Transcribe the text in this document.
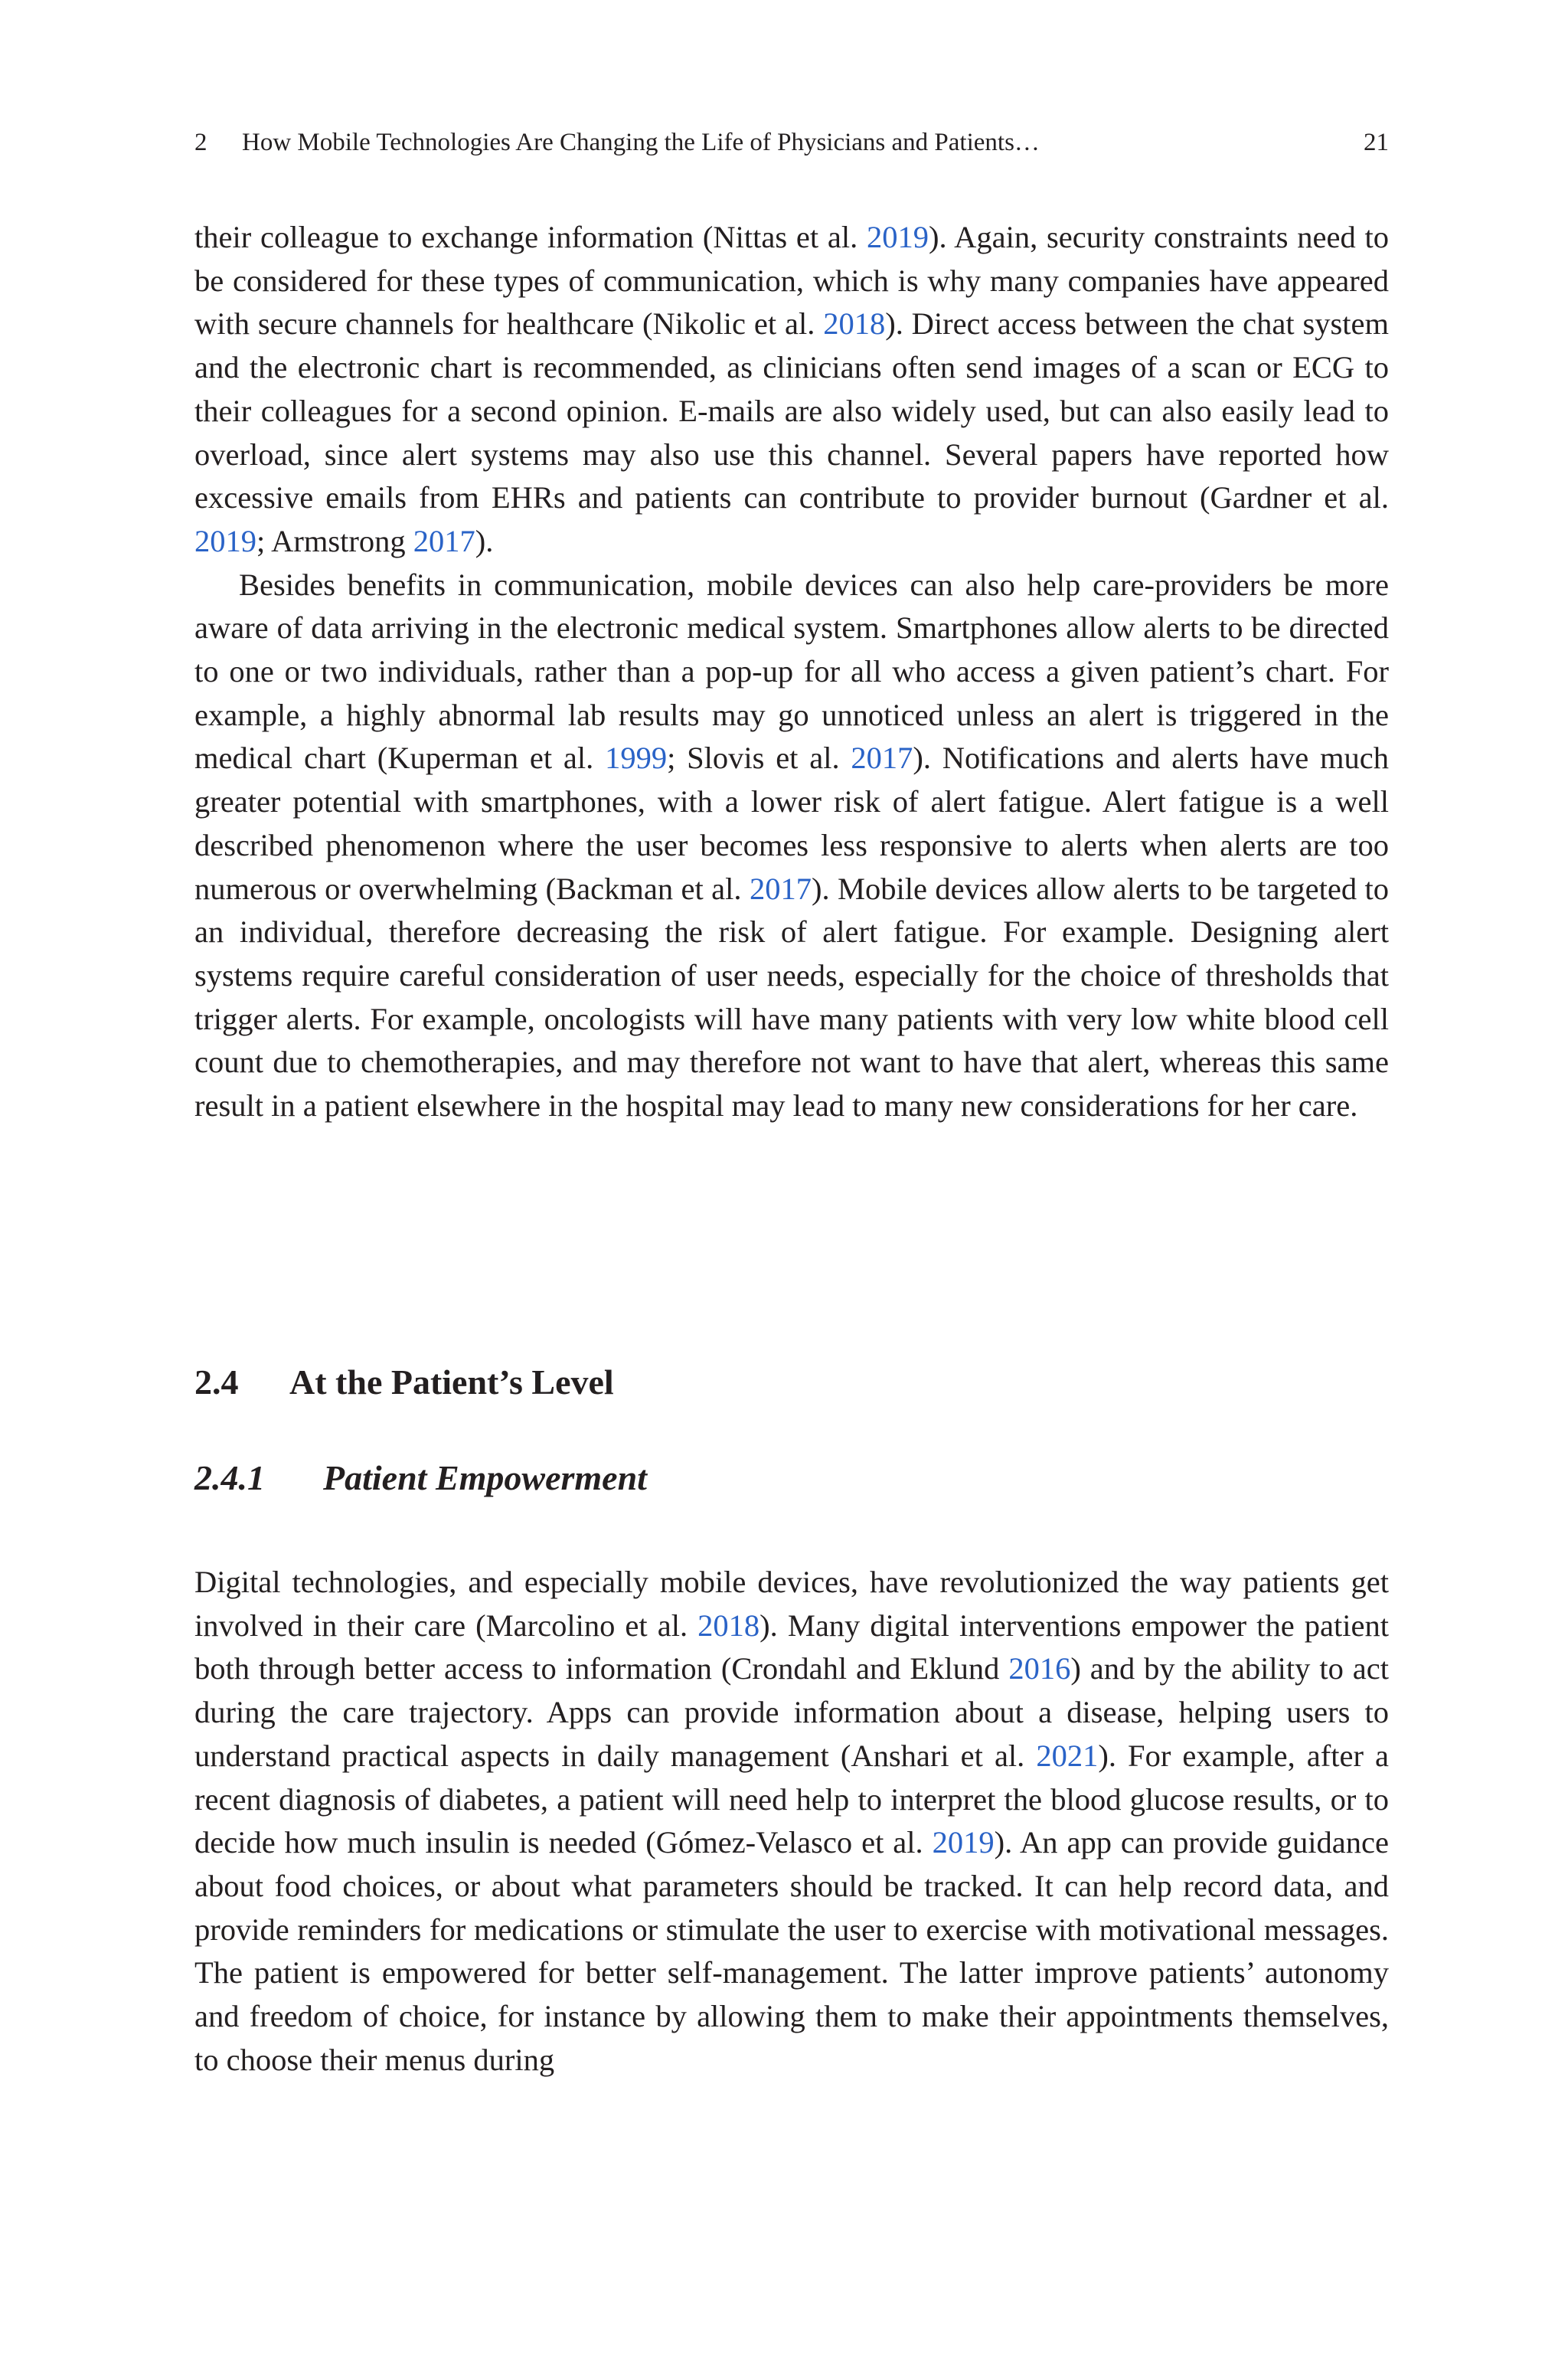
2 How Mobile Technologies Are Changing the Life of Physicians and Patients…	21

their colleague to exchange information (Nittas et al. 2019). Again, security constraints need to be considered for these types of communication, which is why many companies have appeared with secure channels for healthcare (Nikolic et al. 2018). Direct access between the chat system and the electronic chart is recommended, as clinicians often send images of a scan or ECG to their colleagues for a second opinion. E-mails are also widely used, but can also easily lead to overload, since alert systems may also use this channel. Several papers have reported how excessive emails from EHRs and patients can contribute to provider burnout (Gardner et al. 2019; Armstrong 2017).

Besides benefits in communication, mobile devices can also help care-providers be more aware of data arriving in the electronic medical system. Smartphones allow alerts to be directed to one or two individuals, rather than a pop-up for all who access a given patient’s chart. For example, a highly abnormal lab results may go unnoticed unless an alert is triggered in the medical chart (Kuperman et al. 1999; Slovis et al. 2017). Notifications and alerts have much greater potential with smartphones, with a lower risk of alert fatigue. Alert fatigue is a well described phenomenon where the user becomes less responsive to alerts when alerts are too numerous or overwhelming (Backman et al. 2017). Mobile devices allow alerts to be targeted to an individual, therefore decreasing the risk of alert fatigue. For example. Designing alert systems require careful consideration of user needs, especially for the choice of thresholds that trigger alerts. For example, oncologists will have many patients with very low white blood cell count due to chemotherapies, and may therefore not want to have that alert, whereas this same result in a patient elsewhere in the hospital may lead to many new considerations for her care.

2.4 At the Patient’s Level
2.4.1 Patient Empowerment

Digital technologies, and especially mobile devices, have revolutionized the way patients get involved in their care (Marcolino et al. 2018). Many digital interventions empower the patient both through better access to information (Crondahl and Eklund 2016) and by the ability to act during the care trajectory. Apps can provide information about a disease, helping users to understand practical aspects in daily management (Anshari et al. 2021). For example, after a recent diagnosis of diabetes, a patient will need help to interpret the blood glucose results, or to decide how much insulin is needed (Gómez-Velasco et al. 2019). An app can provide guidance about food choices, or about what parameters should be tracked. It can help record data, and provide reminders for medications or stimulate the user to exercise with motivational messages. The patient is empowered for better self-management. The latter improve patients’ autonomy and freedom of choice, for instance by allowing them to make their appointments themselves, to choose their menus during
